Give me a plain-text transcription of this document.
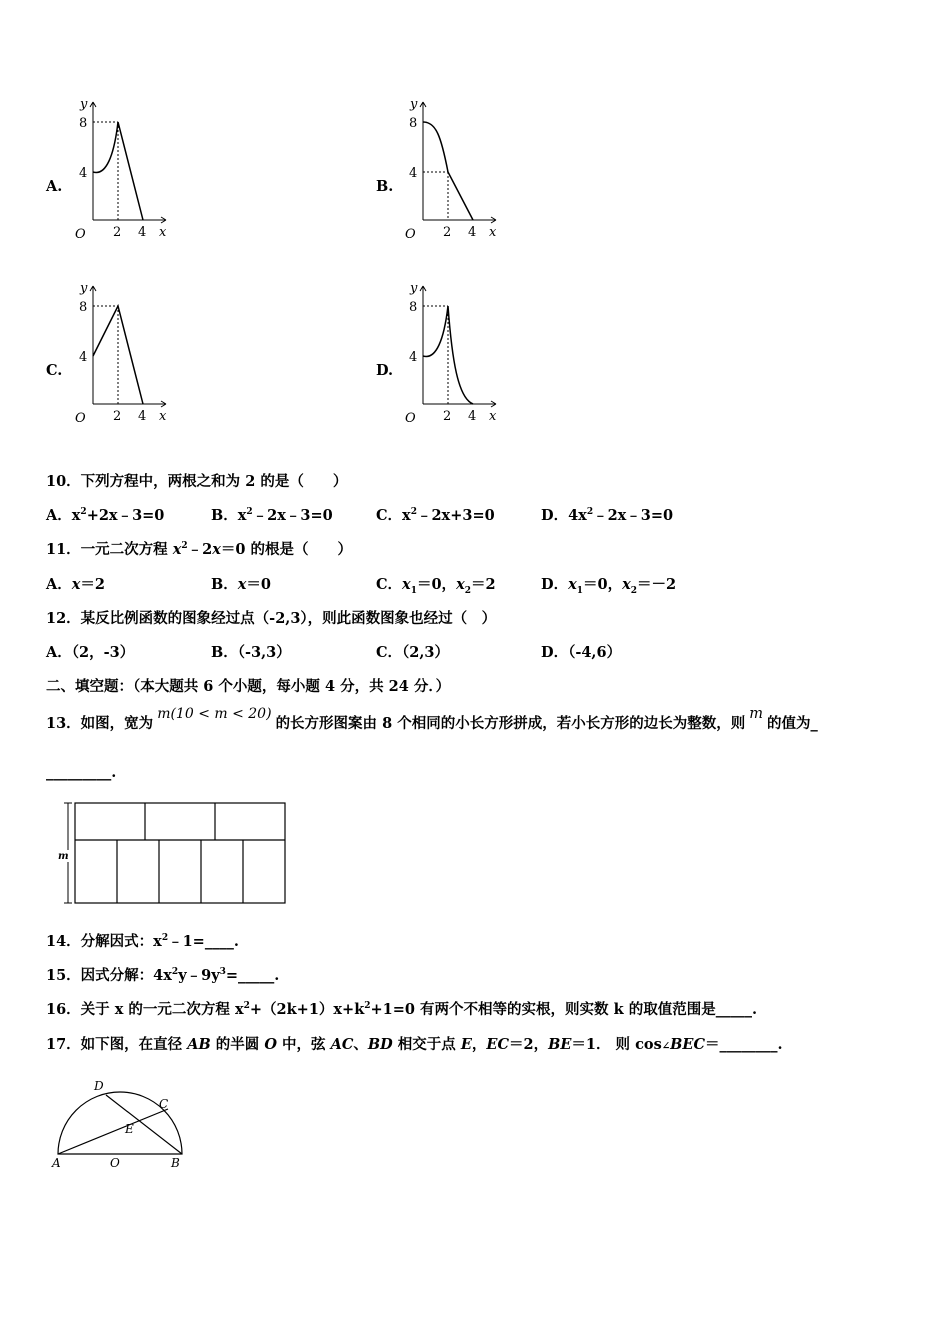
A.
y
8
4
O 2 4 x
B.
y
8
4
O 2 4 x
C.
y
8
4
O 2 4 x
D.
y
8
4
O 2 4 x
10．下列方程中，两根之和为 2 的是（　　）
A．$x^2+2x﹣3=0$	B．$x^2﹣2x﹣3=0$	C．$x^2﹣2x+3=0$	D．$4x^2﹣2x﹣3=0$
11．一元二次方程 $x^2﹣2x=0$ 的根是（　　）
A．x＝2	B．x＝0	C．$x_1=0$，$x_2=2$	D．$x_1=0$，$x_2=-2$
12．某反比例函数的图象经过点（-2,3），则此函数图象也经过（　）
A．（2，-3）	B．（-3,3）	C．（2,3）	D．（-4,6）
二、填空题：（本大题共 6 个小题，每小题 4 分，共 24 分．）
13．如图，宽为m(10 < m < 20)的长方形图案由 8 个相同的小长方形拼成，若小长方形的边长为整数，则m的值为_
_________.
m
14．分解因式：$x^2﹣1=\_\_\_\_$.
15．因式分解：$4x^2y﹣9y^3=\_\_\_\_\_$.
16．关于 x 的一元二次方程 $x^2+(2k+1)x+k^2+1=0$ 有两个不相等的实根，则实数 k 的取值范围是_____.
17．如下图，在直径 AB 的半圆 O 中，弦 AC、BD 相交于点 E，EC＝2，BE＝1． 则 cos∠BEC＝________.
D
C
E
A	O	B
